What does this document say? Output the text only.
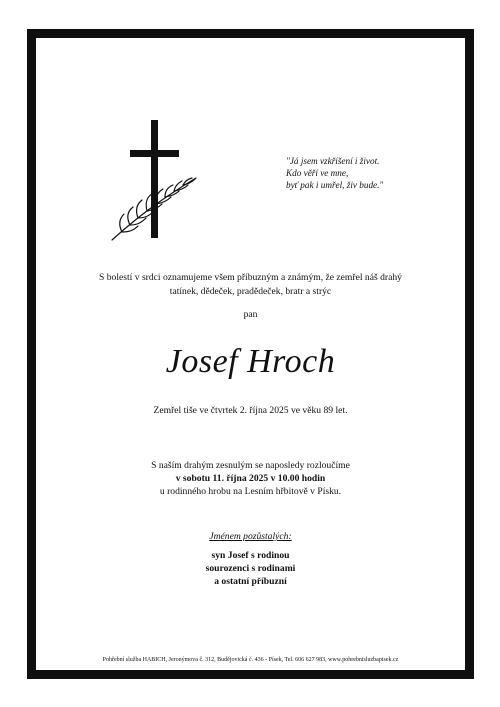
"Já jsem vzkříšení i život.
Kdo věří ve mne,
byť pak i umřel, živ bude."
S bolestí v srdci oznamujeme všem příbuzným a známým, že zemřel náš drahý
tatínek, dědeček, pradědeček, bratr a strýc
pan
Josef Hroch
Zemřel tiše ve čtvrtek 2. října 2025 ve věku 89 let.
S naším drahým zesnulým se naposledy rozloučíme
v sobotu 11. října 2025 v 10.00 hodin
u rodinného hrobu na Lesním hřbitově v Písku.
Jménem pozůstalých:
syn Josef s rodinou
sourozenci s rodinami
a ostatní příbuzní
Pohřební služba HABICH, Jeronýmova č. 312, Budějovická č. 436 - Písek, Tel. 606 627 983, www.pohrebnisluzbapisek.cz
